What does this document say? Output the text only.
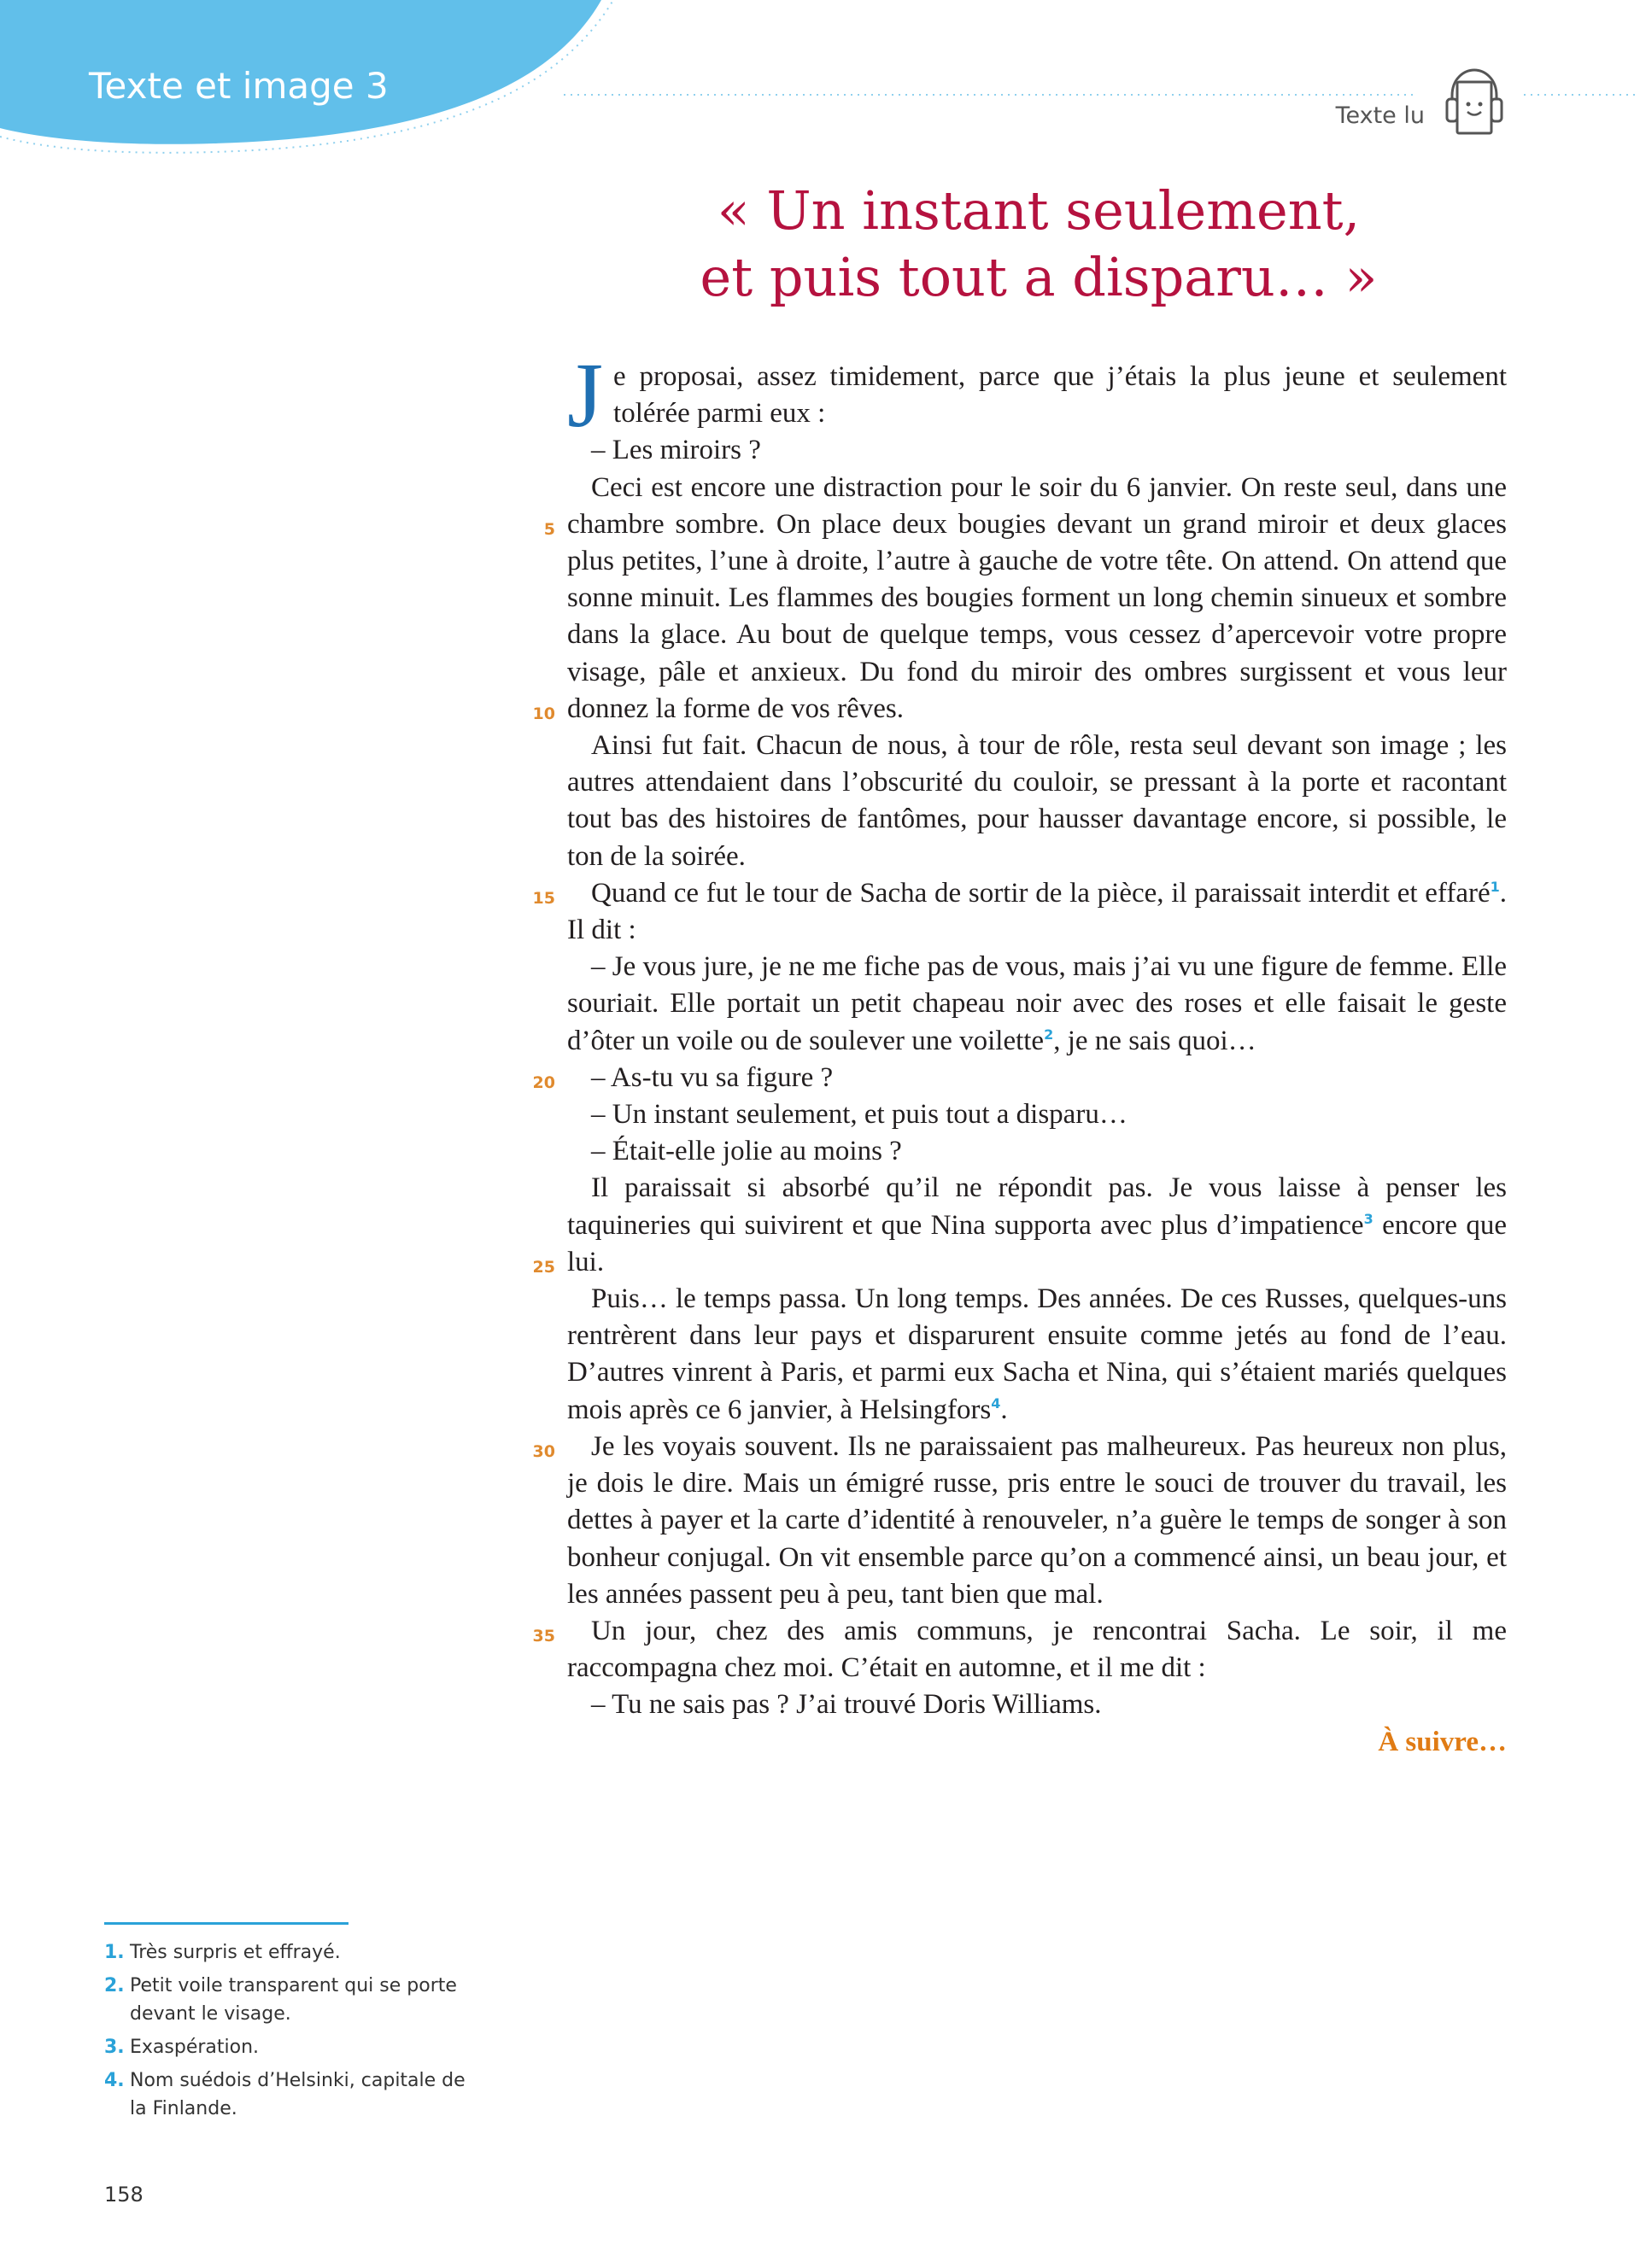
Texte et image 3
Texte lu
« Un instant seulement,
et puis tout a disparu… »
5
10
15
20
25
30
35

Je proposai, assez timidement, parce que j’étais la plus jeune et seulement tolérée parmi eux :

– Les miroirs ?

Ceci est encore une distraction pour le soir du 6 janvier. On reste seul, dans une chambre sombre. On place deux bougies devant un grand miroir et deux glaces plus petites, l’une à droite, l’autre à gauche de votre tête. On attend. On attend que sonne minuit. Les flammes des bougies forment un long chemin sinueux et sombre dans la glace. Au bout de quelque temps, vous cessez d’apercevoir votre propre visage, pâle et anxieux. Du fond du miroir des ombres surgissent et vous leur donnez la forme de vos rêves.

Ainsi fut fait. Chacun de nous, à tour de rôle, resta seul devant son image ; les autres attendaient dans l’obscurité du couloir, se pressant à la porte et racontant tout bas des histoires de fantômes, pour hausser davantage encore, si possible, le ton de la soirée.

Quand ce fut le tour de Sacha de sortir de la pièce, il paraissait interdit et effaré$^1$. Il dit :

– Je vous jure, je ne me fiche pas de vous, mais j’ai vu une figure de femme. Elle souriait. Elle portait un petit chapeau noir avec des roses et elle faisait le geste d’ôter un voile ou de soulever une voilette$^2$, je ne sais quoi…

– As-tu vu sa figure ?

– Un instant seulement, et puis tout a disparu…

– Était-elle jolie au moins ?

Il paraissait si absorbé qu’il ne répondit pas. Je vous laisse à penser les taquineries qui suivirent et que Nina supporta avec plus d’impatience$^3$ encore que lui.

Puis… le temps passa. Un long temps. Des années. De ces Russes, quelques-uns rentrèrent dans leur pays et disparurent ensuite comme jetés au fond de l’eau. D’autres vinrent à Paris, et parmi eux Sacha et Nina, qui s’étaient mariés quelques mois après ce 6 janvier, à Helsingfors$^4$.

Je les voyais souvent. Ils ne paraissaient pas malheureux. Pas heureux non plus, je dois le dire. Mais un émigré russe, pris entre le souci de trouver du travail, les dettes à payer et la carte d’identité à renouveler, n’a guère le temps de songer à son bonheur conjugal. On vit ensemble parce qu’on a commencé ainsi, un beau jour, et les années passent peu à peu, tant bien que mal.

Un jour, chez des amis communs, je rencontrai Sacha. Le soir, il me raccompagna chez moi. C’était en automne, et il me dit :

– Tu ne sais pas ? J’ai trouvé Doris Williams.

À suivre…

1. Très surpris et effrayé.
2. Petit voile transparent qui se porte devant le visage.
3. Exaspération.
4. Nom suédois d’Helsinki, capitale de la Finlande.
158
